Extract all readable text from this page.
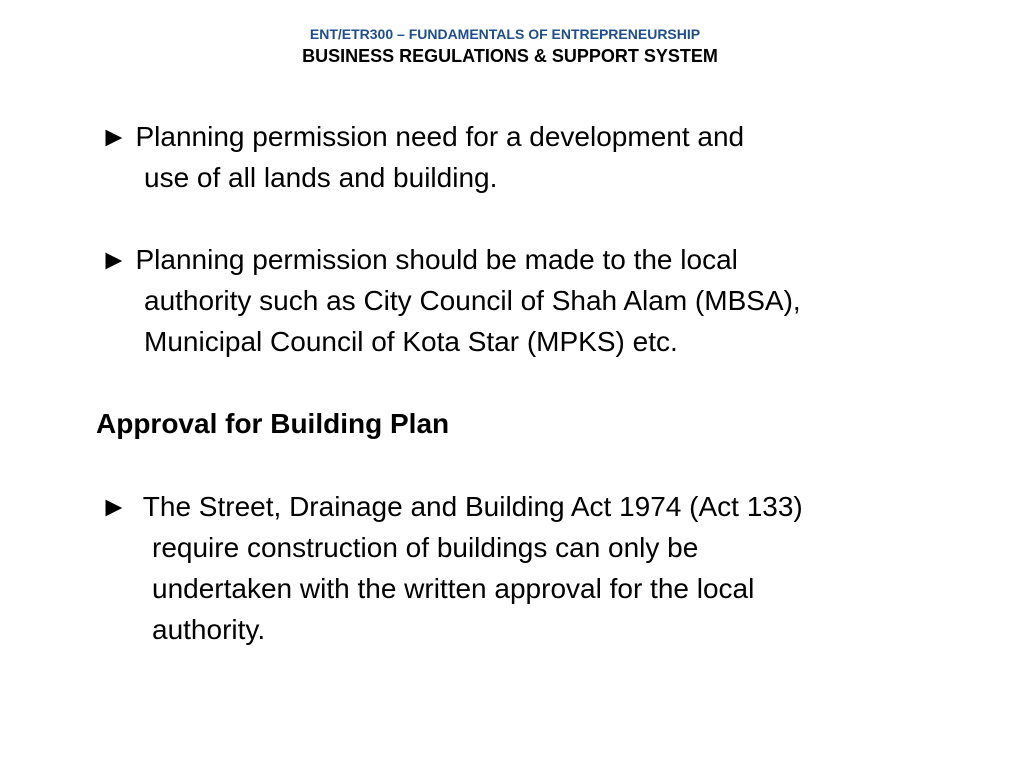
ENT/ETR300 – FUNDAMENTALS OF ENTREPRENEURSHIP
BUSINESS REGULATIONS & SUPPORT SYSTEM
► Planning permission need for a development and
use of all lands and building.
► Planning permission should be made to the local
authority such as City Council of Shah Alam (MBSA),
Municipal Council of Kota Star (MPKS) etc.
Approval for Building Plan
► The Street, Drainage and Building Act 1974 (Act 133)
require construction of buildings can only be
undertaken with the written approval for the local
authority.
